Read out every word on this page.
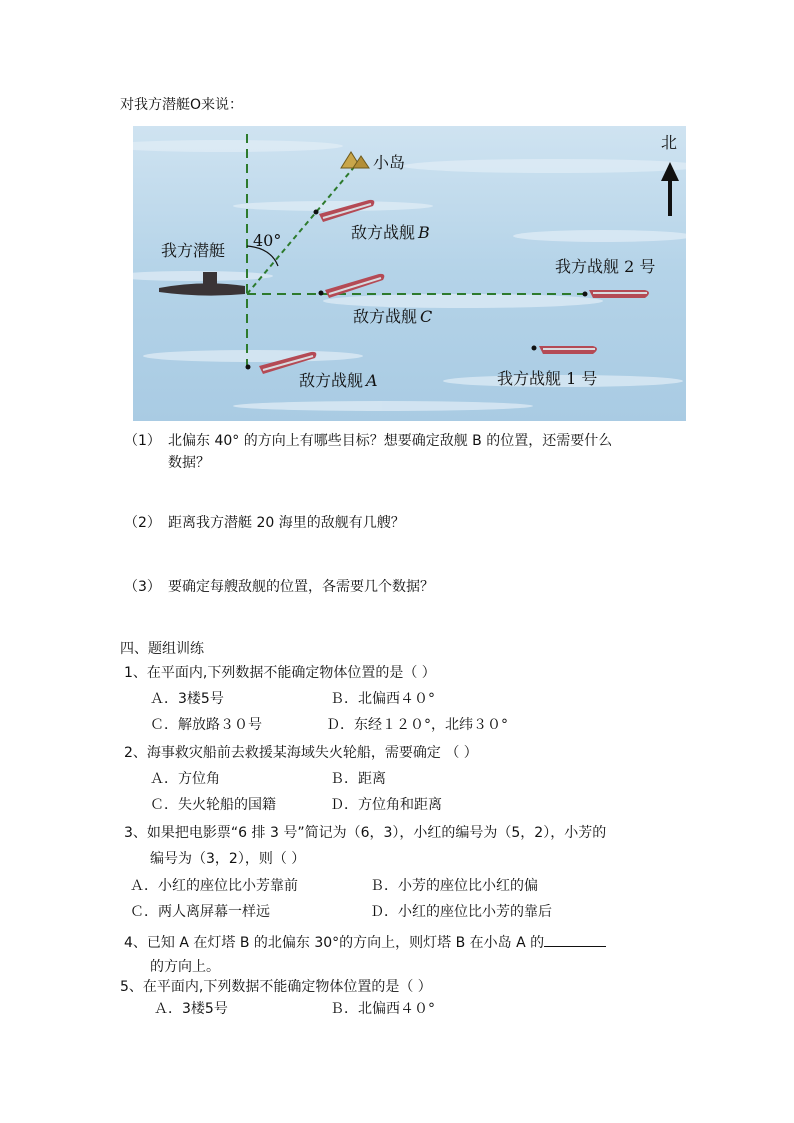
对我方潜艇O来说：
小岛
北
我方潜艇
40°	敌方战舰 B
敌方战舰 C
敌方战舰 A
我方战舰 2 号
我方战舰 1 号
（1） 北偏东 40° 的方向上有哪些目标？想要确定敌舰 B 的位置，还需要什么
数据？
（2） 距离我方潜艇 20 海里的敌舰有几艘？
（3） 要确定每艘敌舰的位置，各需要几个数据？
四、题组训练
1、在平面内,下列数据不能确定物体位置的是（ ）
Ａ．3楼5号	Ｂ．北偏西４０°
Ｃ．解放路３０号	Ｄ．东经１２０°，北纬３０°
2、海事救灾船前去救援某海域失火轮船，需要确定 （ ）
Ａ．方位角	Ｂ．距离
Ｃ．失火轮船的国籍	Ｄ．方位角和距离
3、如果把电影票“6 排 3 号”简记为（6，3），小红的编号为（5，2），小芳的
编号为（3，2），则（ ）
Ａ．小红的座位比小芳靠前	Ｂ．小芳的座位比小红的偏
Ｃ．两人离屏幕一样远	Ｄ．小红的座位比小芳的靠后
4、已知 A 在灯塔 B 的北偏东 30°的方向上，则灯塔 B 在小岛 A 的
的方向上。
5、在平面内,下列数据不能确定物体位置的是（ ）
Ａ．3楼5号	Ｂ．北偏西４０°
